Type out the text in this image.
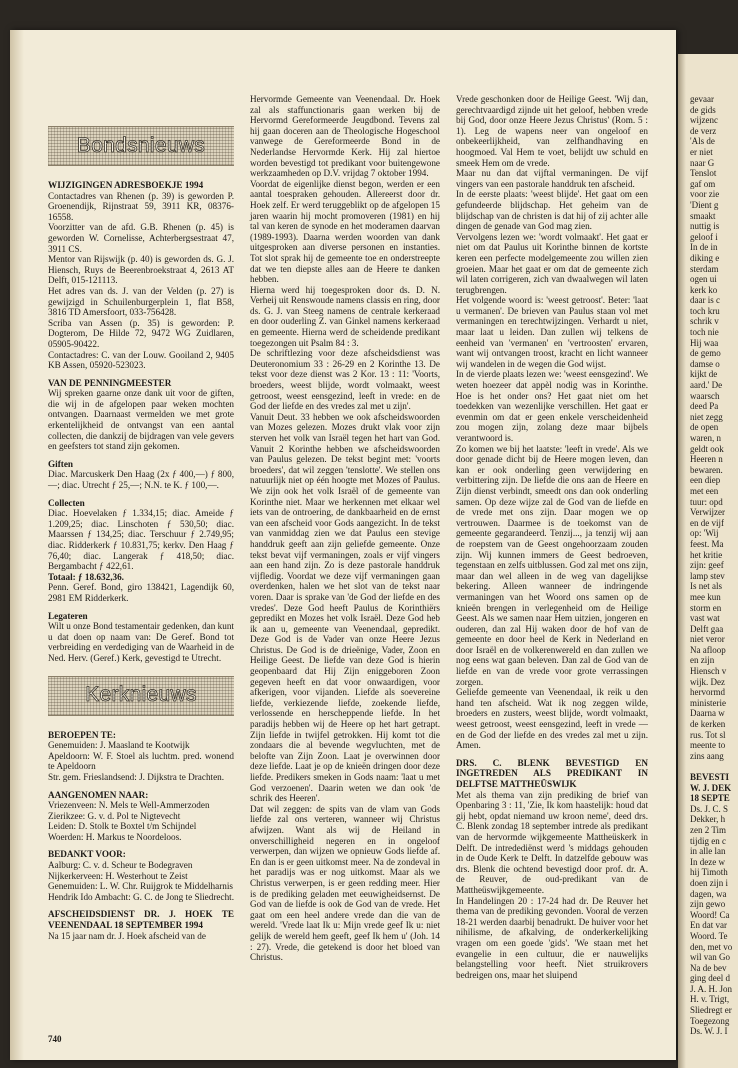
Bondsnieuws
WIJZIGINGEN ADRESBOEKJE 1994

Contactadres van Rhenen (p. 39) is geworden P. Groenendijk, Rijnstraat 59, 3911 KR, 08376-16558.

Voorzitter van de afd. G.B. Rhenen (p. 45) is geworden W. Cornelisse, Achterbergsestraat 47, 3911 CS.

Mentor van Rijswijk (p. 40) is geworden ds. G. J. Hiensch, Ruys de Beerenbroekstraat 4, 2613 AT Delft, 015-121113.

Het adres van ds. J. van der Velden (p. 27) is gewijzigd in Schuilenburgerplein 1, flat B58, 3816 TD Amersfoort, 033-756428.

Scriba van Assen (p. 35) is geworden: P. Dogterom, De Hilde 72, 9472 WG Zuidlaren, 05905-90422.

Contactadres: C. van der Louw. Gooiland 2, 9405 KB Assen, 05920-523023.

VAN DE PENNINGMEESTER

Wij spreken gaarne onze dank uit voor de giften, die wij in de afgelopen paar weken mochten ontvangen. Daarnaast vermelden we met grote erkentelijkheid de ontvangst van een aantal collecten, die dankzij de bijdragen van vele gevers en geefsters tot stand zijn gekomen.

Giften

Diac. Marcuskerk Den Haag (2x ƒ 400,—) ƒ 800,—; diac. Utrecht ƒ 25,—; N.N. te K. ƒ 100,—.

Collecten

Diac. Hoevelaken ƒ 1.334,15; diac. Ameide ƒ 1.209,25; diac. Linschoten ƒ 530,50; diac. Maarssen ƒ 134,25; diac. Terschuur ƒ 2.749,95; diac. Ridderkerk ƒ 10.831,75; kerkv. Den Haag ƒ 76,40; diac. Langerak ƒ 418,50; diac. Bergambacht ƒ 422,61.

Totaal: ƒ 18.632,36.

Penn. Geref. Bond, giro 138421, Lagendijk 60, 2981 EM Ridderkerk.

Legateren

Wilt u onze Bond testamentair gedenken, dan kunt u dat doen op naam van: De Geref. Bond tot verbreiding en verdediging van de Waarheid in de Ned. Herv. (Geref.) Kerk, gevestigd te Utrecht.

Kerknieuws
BEROEPEN TE:

Genemuiden: J. Maasland te Kootwijk

Apeldoorn: W. F. Stoel als luchtm. pred. wonend te Apeldoorn

Str. gem. Frieslandsend: J. Dijkstra te Drachten.

AANGENOMEN NAAR:

Vriezenveen: N. Mels te Well-Ammerzoden

Zierikzee: G. v. d. Pol te Nigtevecht

Leiden: D. Stolk te Boxtel t/m Schijndel

Woerden: H. Markus te Noordeloos.

BEDANKT VOOR:

Aalburg: C. v. d. Scheur te Bodegraven

Nijkerkerveen: H. Westerhout te Zeist

Genemuiden: L. W. Chr. Ruijgrok te Middelharnis

Hendrik Ido Ambacht: G. C. de Jong te Sliedrecht.

AFSCHEIDSDIENST DR. J. HOEK TE VEENENDAAL 18 SEPTEMBER 1994

Na 15 jaar nam dr. J. Hoek afscheid van de

Hervormde Gemeente van Veenendaal. Dr. Hoek zal als staffunctionaris gaan werken bij de Hervormd Gereformeerde Jeugdbond. Tevens zal hij gaan doceren aan de Theologische Hogeschool vanwege de Gereformeerde Bond in de Nederlandse Hervormde Kerk. Hij zal hiertoe worden bevestigd tot predikant voor buitengewone werkzaamheden op D.V. vrijdag 7 oktober 1994.

Voordat de eigenlijke dienst begon, werden er een aantal toespraken gehouden. Allereerst door dr. Hoek zelf. Er werd teruggeblikt op de afgelopen 15 jaren waarin hij mocht promoveren (1981) en hij tal van keren de synode en het moderamen daarvan (1989-1993). Daarna werden woorden van dank uitgesproken aan diverse personen en instanties. Tot slot sprak hij de gemeente toe en onderstreepte dat we ten diepste alles aan de Heere te danken hebben.

Hierna werd hij toegesproken door ds. D. N. Verheij uit Renswoude namens classis en ring, door ds. G. J. van Steeg namens de centrale kerkeraad en door ouderling Z. van Ginkel namens kerkeraad en gemeente. Hierna werd de scheidende predikant toegezongen uit Psalm 84 : 3.

De schriftlezing voor deze afscheidsdienst was Deuteronomium 33 : 26-29 en 2 Korinthe 13. De tekst voor deze dienst was 2 Kor. 13 : 11: 'Voorts, broeders, weest blijde, wordt volmaakt, weest getroost, weest eensgezind, leeft in vrede: en de God der liefde en des vredes zal met u zijn'.

Vanuit Deut. 33 hebben we ook afscheidswoorden van Mozes gelezen. Mozes drukt vlak voor zijn sterven het volk van Israël tegen het hart van God. Vanuit 2 Korinthe hebben we afscheidswoorden van Paulus gelezen. De tekst begint met: 'voorts broeders', dat wil zeggen 'tenslotte'. We stellen ons natuurlijk niet op één hoogte met Mozes of Paulus. We zijn ook het volk Israël of de gemeente van Korinthe niet. Maar we herkennen met elkaar wel iets van de ontroering, de dankbaarheid en de ernst van een afscheid voor Gods aangezicht. In de tekst van vanmiddag zien we dat Paulus een stevige handdruk geeft aan zijn geliefde gemeente. Onze tekst bevat vijf vermaningen, zoals er vijf vingers aan een hand zijn. Zo is deze pastorale handdruk vijfledig. Voordat we deze vijf vermaningen gaan overdenken, halen we het slot van de tekst naar voren. Daar is sprake van 'de God der liefde en des vredes'. Deze God heeft Paulus de Korinthiërs gepredikt en Mozes het volk Israël. Deze God heb ik aan u, gemeente van Veenendaal, gepredikt. Deze God is de Vader van onze Heere Jezus Christus. De God is de drieënige, Vader, Zoon en Heilige Geest. De liefde van deze God is hierin geopenbaard dat Hij Zijn eniggeboren Zoon gegeven heeft en dat voor onwaardigen, voor afkerigen, voor vijanden. Liefde als soevereine liefde, verkiezende liefde, zoekende liefde, verlossende en herscheppende liefde. In het paradijs hebben wij de Heere op het hart getrapt. Zijn liefde in twijfel getrokken. Hij komt tot die zondaars die al bevende wegvluchten, met de belofte van Zijn Zoon. Laat je overwinnen door deze liefde. Laat je op de knieën dringen door deze liefde. Predikers smeken in Gods naam: 'laat u met God verzoenen'. Daarin weten we dan ook 'de schrik des Heeren'.

Dat wil zeggen: de spits van de vlam van Gods liefde zal ons verteren, wanneer wij Christus afwijzen. Want als wij de Heiland in onverschilligheid negeren en in ongeloof verwerpen, dan wijzen we opnieuw Gods liefde af. En dan is er geen uitkomst meer. Na de zondeval in het paradijs was er nog uitkomst. Maar als we Christus verwerpen, is er geen redding meer. Hier is de prediking geladen met eeuwigheidsernst. De God van de liefde is ook de God van de vrede. Het gaat om een heel andere vrede dan die van de wereld. 'Vrede laat Ik u: Mijn vrede geef Ik u: niet gelijk de wereld hem geeft, geef Ik hem u' (Joh. 14 : 27). Vrede, die getekend is door het bloed van Christus.

Vrede geschonken door de Heilige Geest. 'Wij dan, gerechtvaardigd zijnde uit het geloof, hebben vrede bij God, door onze Heere Jezus Christus' (Rom. 5 : 1). Leg de wapens neer van ongeloof en onbekeerlijkheid, van zelfhandhaving en hoogmoed. Val Hem te voet, belijdt uw schuld en smeek Hem om de vrede.

Maar nu dan dat vijftal vermaningen. De vijf vingers van een pastorale handdruk ten afscheid.

In de eerste plaats: 'weest blijde'. Het gaat om een gefundeerde blijdschap. Het geheim van de blijdschap van de christen is dat hij of zij achter alle dingen de genade van God mag zien.

Vervolgens lezen we: 'wordt volmaakt'. Het gaat er niet om dat Paulus uit Korinthe binnen de kortste keren een perfecte modelgemeente zou willen zien groeien. Maar het gaat er om dat de gemeente zich wil laten corrigeren, zich van dwaalwegen wil laten terugbrengen.

Het volgende woord is: 'weest getroost'. Beter: 'laat u vermanen'. De brieven van Paulus staan vol met vermaningen en terechtwijzingen. Verhardt u niet, maar laat u leiden. Dan zullen wij telkens de eenheid van 'vermanen' en 'vertroosten' ervaren, want wij ontvangen troost, kracht en licht wanneer wij wandelen in de wegen die God wijst.

In de vierde plaats lezen we: 'weest eensgezind'. We weten hoezeer dat appèl nodig was in Korinthe. Hoe is het onder ons? Het gaat niet om het toedekken van wezenlijke verschillen. Het gaat er evenmin om dat er geen enkele verscheidenheid zou mogen zijn, zolang deze maar bijbels verantwoord is.

Zo komen we bij het laatste: 'leeft in vrede'. Als we door genade dicht bij de Heere mogen leven, dan kan er ook onderling geen verwijdering en verbittering zijn. De liefde die ons aan de Heere en Zijn dienst verbindt, smeedt ons dan ook onderling samen. Op deze wijze zal de God van de liefde en de vrede met ons zijn. Daar mogen we op vertrouwen. Daarmee is de toekomst van de gemeente gegarandeerd. Tenzij..., ja tenzij wij aan de roepstem van de Geest ongehoorzaam zouden zijn. Wij kunnen immers de Geest bedroeven, tegenstaan en zelfs uitblussen. God zal met ons zijn, maar dan wel alleen in de weg van dagelijkse bekering. Alleen wanneer de indringende vermaningen van het Woord ons samen op de knieën brengen in verlegenheid om de Heilige Geest. Als we samen naar Hem uitzien, jongeren en ouderen, dan zal Hij waken door de hof van de gemeente en door heel de Kerk in Nederland en door Israël en de volkerenwereld en dan zullen we nog eens wat gaan beleven. Dan zal de God van de liefde en van de vrede voor grote verrassingen zorgen.

Geliefde gemeente van Veenendaal, ik reik u den hand ten afscheid. Wat ik nog zeggen wilde, broeders en zusters, weest blijde, wordt volmaakt, weest getroost, weest eensgezind, leeft in vrede — en de God der liefde en des vredes zal met u zijn. Amen.

DRS. C. BLENK BEVESTIGD EN INGETREDEN ALS PREDIKANT IN DELFTSE MATTHEÜSWIJK

Met als thema van zijn prediking de brief van Openbaring 3 : 11, 'Zie, Ik kom haastelijk: houd dat gij hebt, opdat niemand uw kroon neme', deed drs. C. Blenk zondag 18 september intrede als predikant van de hervormde wijkgemeente Mattheüskerk in Delft. De intredediënst werd 's middags gehouden in de Oude Kerk te Delft. In datzelfde gebouw was drs. Blenk die ochtend bevestigd door prof. dr. A. de Reuver, de oud-predikant van de Mattheüswijkgemeente.

In Handelingen 20 : 17-24 had dr. De Reuver het thema van de prediking gevonden. Vooral de verzen 18-21 werden daarbij benadrukt. De huiver voor het nihilisme, de afkalving, de onderkerkelijking vragen om een goede 'gids'. 'We staan met het evangelie in een cultuur, die er nauwelijks belangstelling voor heeft. Niet struikrovers bedreigen ons, maar het sluipend

740
gevaar
de gids
wijzenc
de verz
'Als de
er niet
naar G
Tenslot
gaf om
voor zie
'Dient g
smaakt
nuttig is
geloof i
In de in
diking e
sterdam
ogen ui
kerk ko
daar is c
toch kru
schrik v
toch nie
Hij waa
de gemo
damse o
kijkt de
aard.' De
waarsch
deed Pa
niet zegg
de open
waren, n
geldt ook
Heeren n
bewaren.
een diep
met een
tuur: opd
Verwijzer
en de vijf
op: 'Wij
feest. Ma
het kritie
zijn: geef
lamp stev
Is net als
mee kun
storm en
vast wat
Delft gaa
niet veror
Na afloop
en zijn
Hiensch v
wijk. Dez
hervormd
ministerie
Daarna w
de kerken
rus. Tot sl
meente to
zins aang
BEVESTI
W. J. DEK
18 SEPTE
Ds. J. C. S
Dekker, h
zen 2 Tim
tijdig en c
in alle lan
In deze w
hij Timoth
doen zijn i
dagen, wa
zijn gewo
Woord! Ca
En dat var
Woord. Te
den, met vo
wil van Go
Na de bev
ging deel d
J. A. H. Jon
H. v. Trigt,
Sliedregt er
Toegezong
Ds. W. J. I
